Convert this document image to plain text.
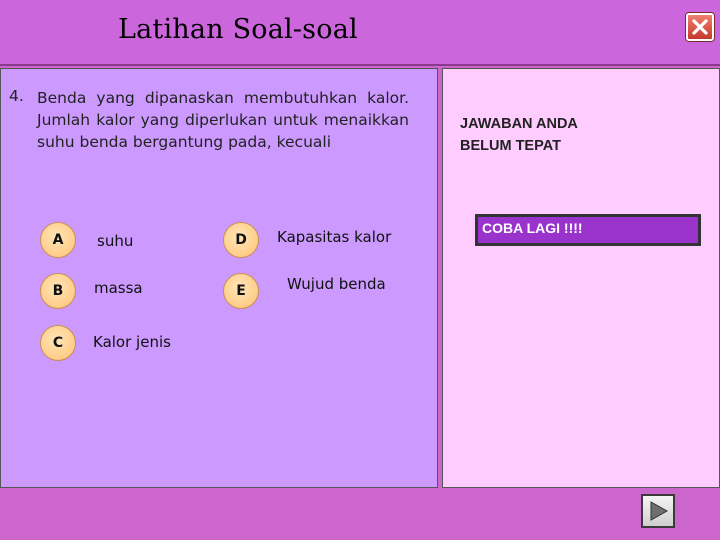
Latihan Soal-soal
4. Benda yang dipanaskan membutuhkan kalor. Jumlah kalor yang diperlukan untuk menaikkan suhu benda bergantung pada, kecuali
A	suhu
B	massa
C	Kalor jenis
D	Kapasitas kalor
E	Wujud benda
JAWABAN ANDA
BELUM TEPAT
COBA LAGI !!!!
